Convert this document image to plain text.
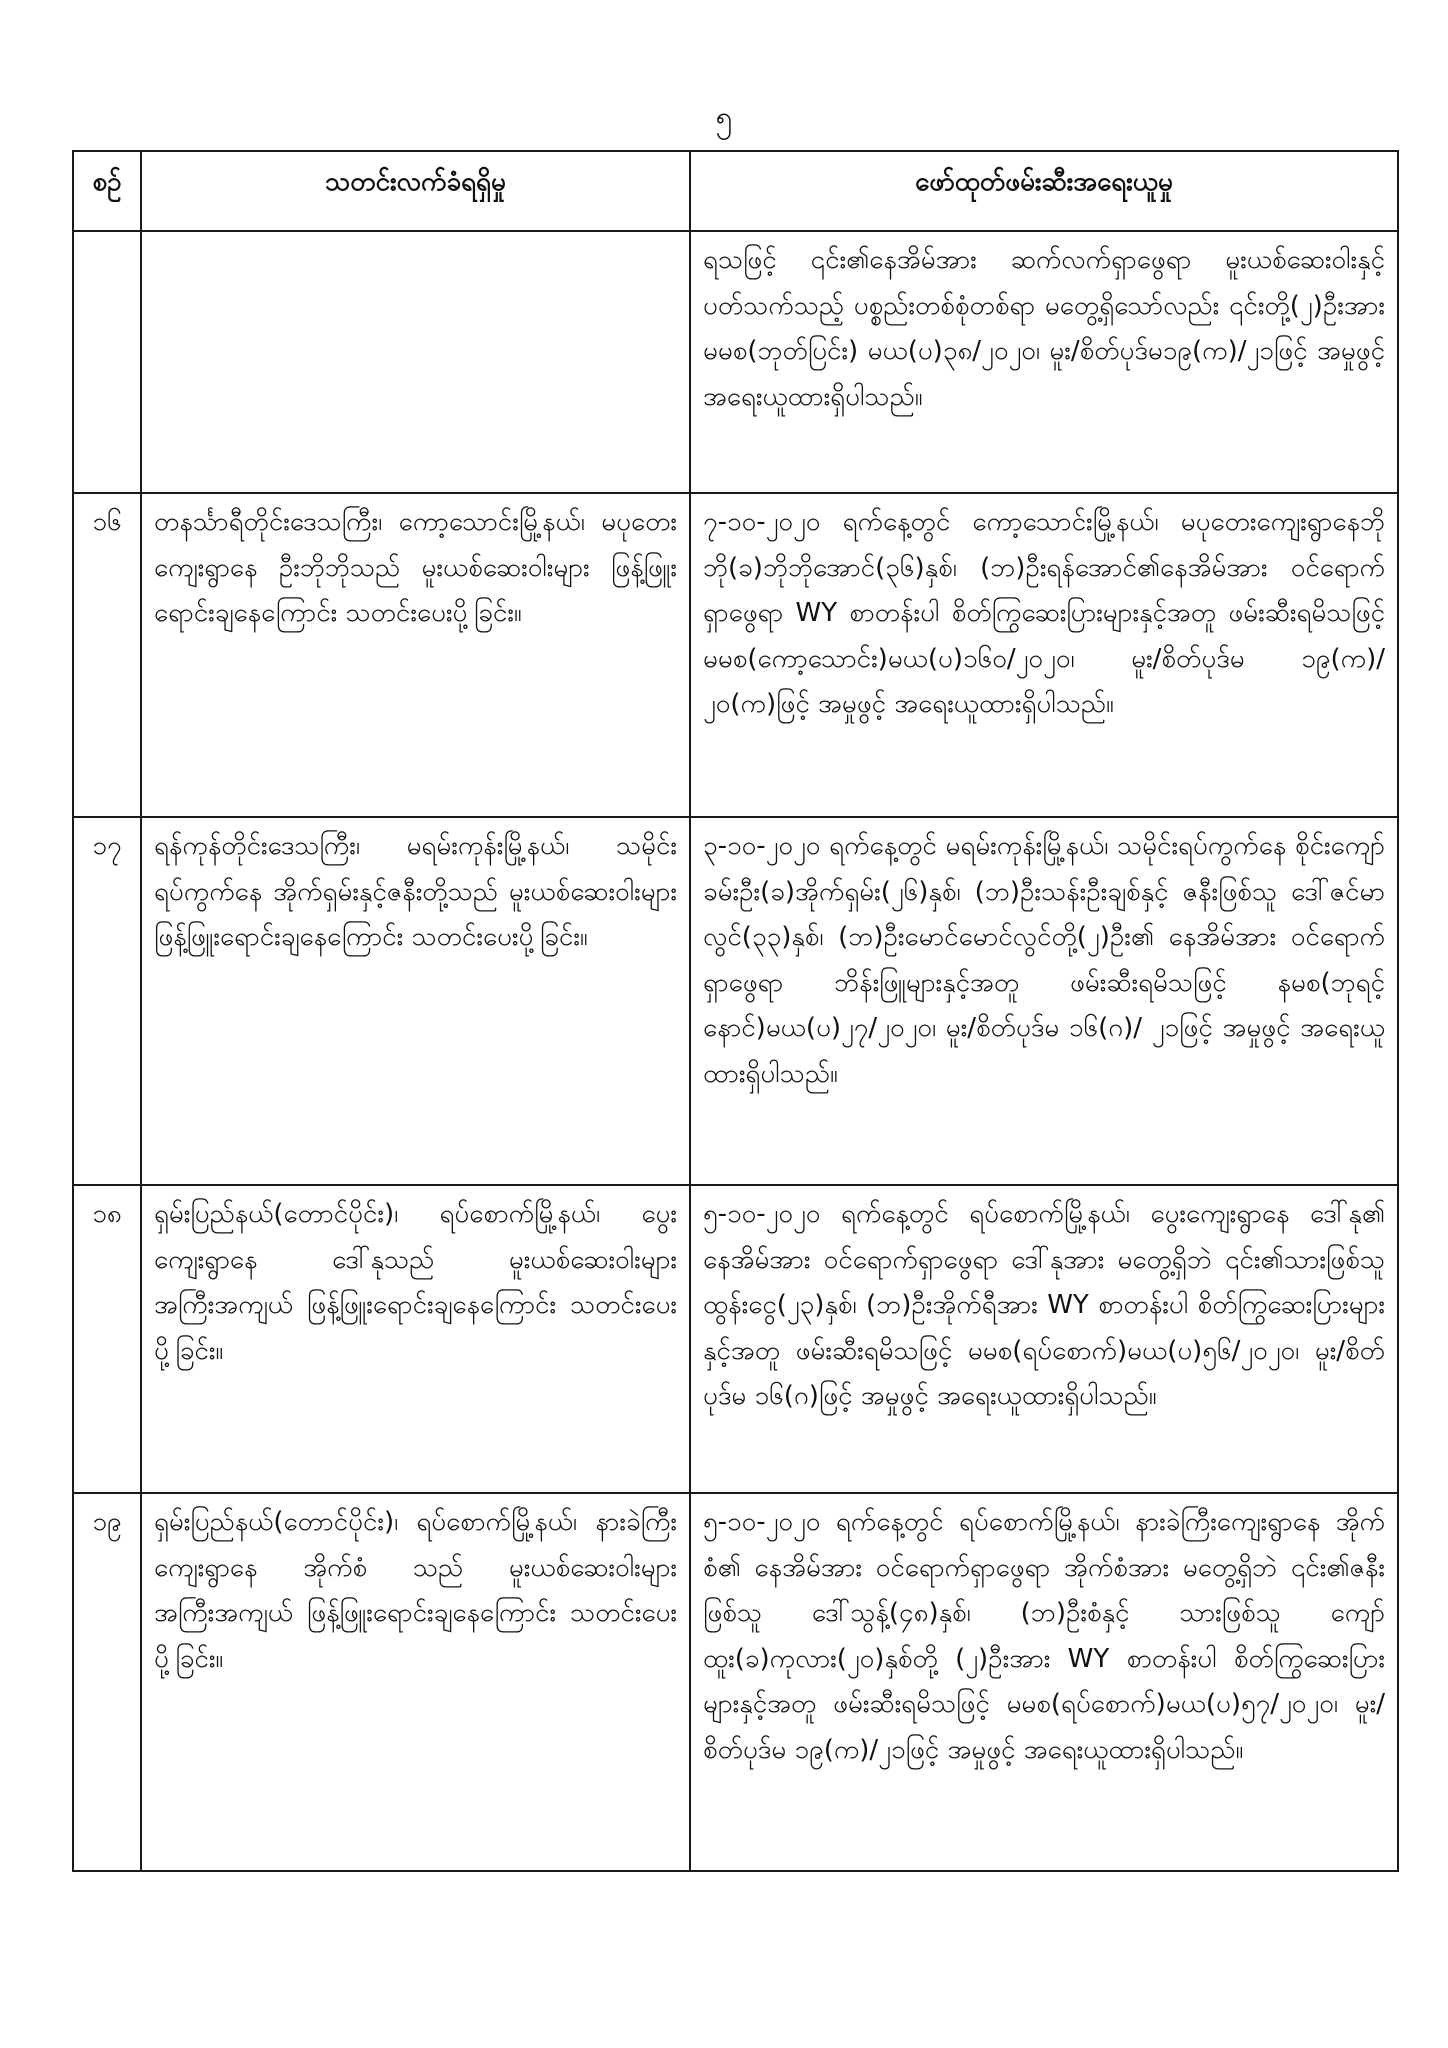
၅
စဉ်	သတင်းလက်ခံရရှိမှု	ဖော်ထုတ်ဖမ်းဆီးအရေးယူမှု
		ရသဖြင့် ၎င်း၏နေအိမ်အား ဆက်လက်ရှာဖွေရာ မူးယစ်ဆေးဝါးနှင့် ပတ်သက်သည့် ပစ္စည်းတစ်စုံတစ်ရာ မတွေ့ရှိသော်လည်း ၎င်းတို့(၂)ဦးအား မမစ(ဘုတ်ပြင်း) မယ(ပ)၃၈/၂၀၂၀၊ မူး/စိတ်ပုဒ်မ၁၉(က)/၂၁ဖြင့် အမှုဖွင့်အရေးယူထားရှိပါသည်။
၁၆	တနင်္သာရီတိုင်းဒေသကြီး၊ ကော့သောင်းမြို့နယ်၊ မပုတေးကျေးရွာနေ ဦးဘိုဘိုသည် မူးယစ်ဆေးဝါးများ ဖြန့်ဖြူးရောင်းချနေကြောင်း သတင်းပေးပို့ခြင်း။	၇-၁၀-၂၀၂၀ ရက်နေ့တွင် ကော့သောင်းမြို့နယ်၊ မပုတေးကျေးရွာနေဘိုဘို(ခ)ဘိုဘိုအောင်(၃၆)နှစ်၊ (ဘ)ဦးရန်အောင်၏နေအိမ်အား ဝင်ရောက်ရှာဖွေရာ WY စာတန်းပါ စိတ်ကြွဆေးပြားများနှင့်အတူ ဖမ်းဆီးရမိသဖြင့် မမစ(ကော့သောင်း)မယ(ပ)၁၆၀/၂၀၂၀၊ မူး/စိတ်ပုဒ်မ ၁၉(က)/၂၀(က)ဖြင့် အမှုဖွင့် အရေးယူထားရှိပါသည်။
၁၇	ရန်ကုန်တိုင်းဒေသကြီး၊ မရမ်းကုန်းမြို့နယ်၊ သမိုင်းရပ်ကွက်နေ အိုက်ရှမ်းနှင့်ဇနီးတို့သည် မူးယစ်ဆေးဝါးများ ဖြန့်ဖြူးရောင်းချနေကြောင်း သတင်းပေးပို့ခြင်း။	၃-၁၀-၂၀၂၀ ရက်နေ့တွင် မရမ်းကုန်းမြို့နယ်၊ သမိုင်းရပ်ကွက်နေ စိုင်းကျော်ခမ်းဦး(ခ)အိုက်ရှမ်း(၂၆)နှစ်၊ (ဘ)ဦးသန်းဦးချစ်နှင့် ဇနီးဖြစ်သူ ဒေါ်ဇင်မာလွင်(၃၃)နှစ်၊ (ဘ)ဦးမောင်မောင်လွင်တို့(၂)ဦး၏ နေအိမ်အား ဝင်ရောက်ရှာဖွေရာ ဘိန်းဖြူများနှင့်အတူ ဖမ်းဆီးရမိသဖြင့် နမစ(ဘုရင့်နောင်)မယ(ပ)၂၇/၂၀၂၀၊ မူး/စိတ်ပုဒ်မ ၁၆(ဂ)/ ၂၁ဖြင့် အမှုဖွင့် အရေးယူထားရှိပါသည်။
၁၈	ရှမ်းပြည်နယ်(တောင်ပိုင်း)၊ ရပ်စောက်မြို့နယ်၊ ပွေးကျေးရွာနေ ဒေါ်နုသည် မူးယစ်ဆေးဝါးများ အကြီးအကျယ် ဖြန့်ဖြူးရောင်းချနေကြောင်း သတင်းပေးပို့ခြင်း။	၅-၁၀-၂၀၂၀ ရက်နေ့တွင် ရပ်စောက်မြို့နယ်၊ ပွေးကျေးရွာနေ ဒေါ်နု၏ နေအိမ်အား ဝင်ရောက်ရှာဖွေရာ ဒေါ်နုအား မတွေ့ရှိဘဲ ၎င်း၏သားဖြစ်သူထွန်းငွေ(၂၃)နှစ်၊ (ဘ)ဦးအိုက်ရီအား WY စာတန်းပါ စိတ်ကြွဆေးပြားများနှင့်အတူ ဖမ်းဆီးရမိသဖြင့် မမစ(ရပ်စောက်)မယ(ပ)၅၆/၂၀၂၀၊ မူး/စိတ်ပုဒ်မ ၁၆(ဂ)ဖြင့် အမှုဖွင့် အရေးယူထားရှိပါသည်။
၁၉	ရှမ်းပြည်နယ်(တောင်ပိုင်း)၊ ရပ်စောက်မြို့နယ်၊ နားခဲကြီးကျေးရွာနေ အိုက်စံ သည် မူးယစ်ဆေးဝါးများ အကြီးအကျယ် ဖြန့်ဖြူးရောင်းချနေကြောင်း သတင်းပေးပို့ခြင်း။	၅-၁၀-၂၀၂၀ ရက်နေ့တွင် ရပ်စောက်မြို့နယ်၊ နားခဲကြီးကျေးရွာနေ အိုက်စံ၏ နေအိမ်အား ဝင်ရောက်ရှာဖွေရာ အိုက်စံအား မတွေ့ရှိဘဲ ၎င်း၏ဇနီးဖြစ်သူ ဒေါ်သွန့်(၄၈)နှစ်၊ (ဘ)ဦးစံနှင့် သားဖြစ်သူ ကျော်ထူး(ခ)ကုလား(၂၀)နှစ်တို့ (၂)ဦးအား WY စာတန်းပါ စိတ်ကြွဆေးပြားများနှင့်အတူ ဖမ်းဆီးရမိသဖြင့် မမစ(ရပ်စောက်)မယ(ပ)၅၇/၂၀၂၀၊ မူး/စိတ်ပုဒ်မ ၁၉(က)/၂၁ဖြင့် အမှုဖွင့် အရေးယူထားရှိပါသည်။
